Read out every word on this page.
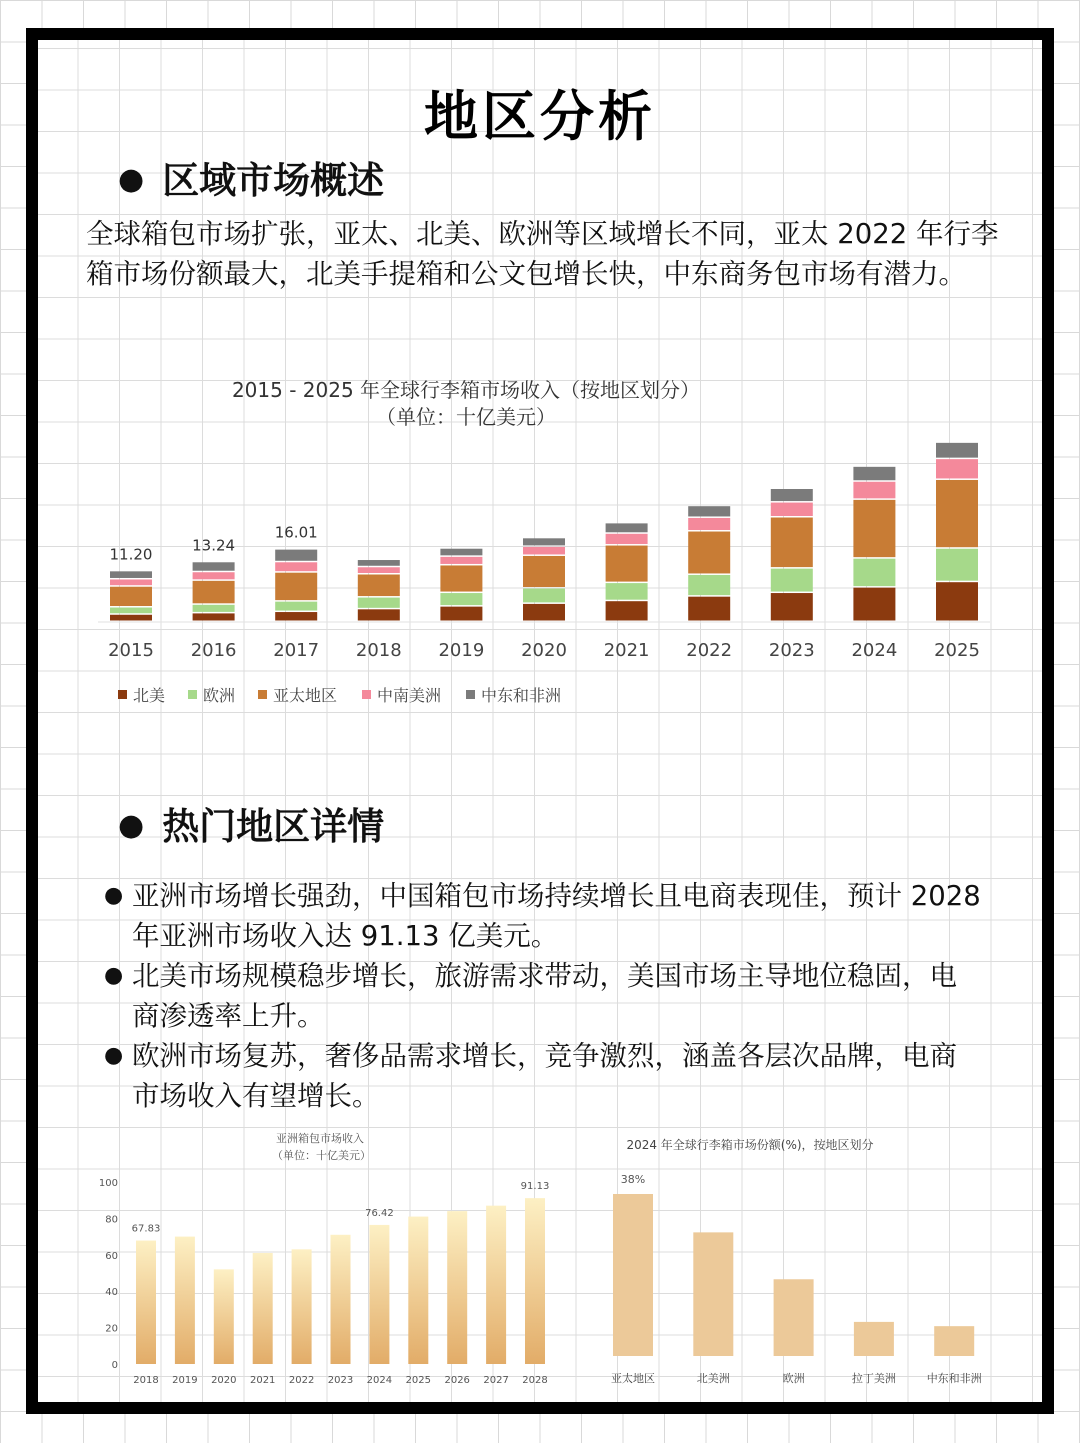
地区分析
● 区域市场概述
全球箱包市场扩张，亚太、北美、欧洲等区域增长不同，亚太 2022 年行李箱市场份额最大，北美手提箱和公文包增长快，中东商务包市场有潜力。
2015 - 2025 年全球行李箱市场收入（按地区划分）
（单位：十亿美元）
2015
11.20
2016
13.24
2017
16.01
2018 2019 2020 2021 2022 2023 2024 2025
北美 欧洲 亚太地区 中南美洲 中东和非洲
● 热门地区详情
● 亚洲市场增长强劲，中国箱包市场持续增长且电商表现佳，预计 2028 年亚洲市场收入达 91.13 亿美元。
● 北美市场规模稳步增长，旅游需求带动，美国市场主导地位稳固，电商渗透率上升。
● 欧洲市场复苏，奢侈品需求增长，竞争激烈，涵盖各层次品牌，电商市场收入有望增长。
亚洲箱包市场收入
（单位：十亿美元）
0
20
40
60
80
100
2018
67.83
2019 2020 2021 2022 2023 2024
76.42
2025 2026 2027 2028
91.13
2024 年全球行李箱市场份额(%)，按地区划分
亚太地区
38%
北美洲	欧洲	拉丁美洲	中东和非洲
